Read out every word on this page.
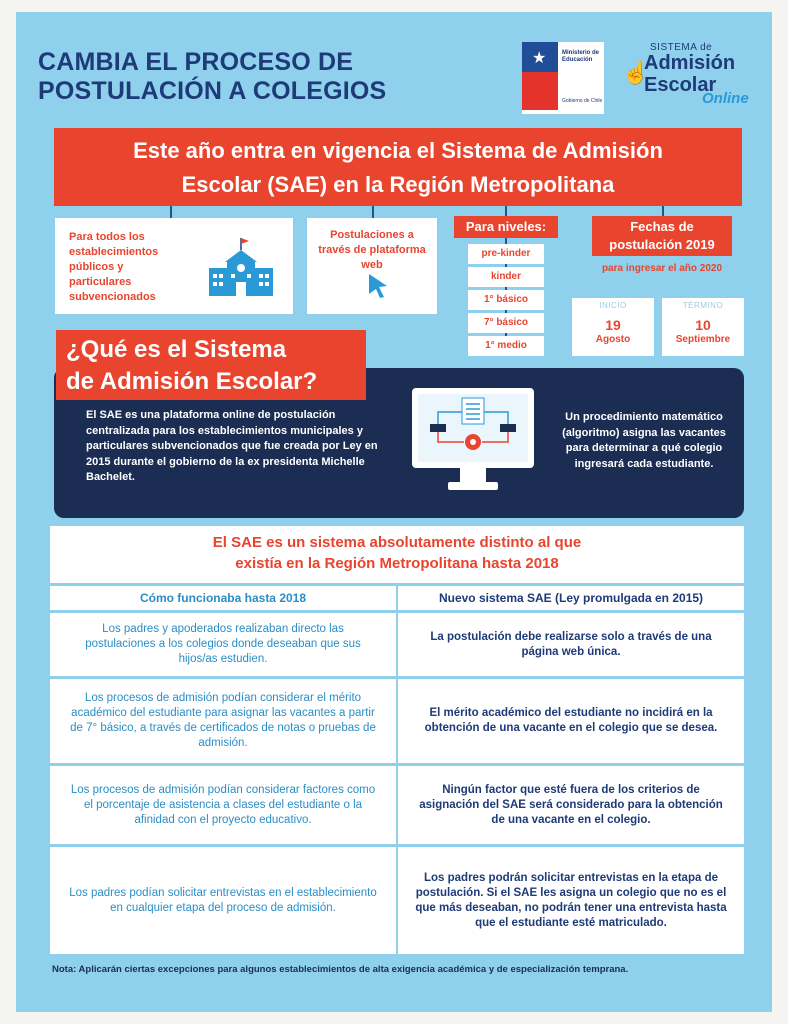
CAMBIA EL PROCESO DE
POSTULACIÓN A COLEGIOS
★	Ministerio de Educación
Gobierno de Chile
☝
SISTEMA de
Admisión
Escolar
Online
Este año entra en vigencia el Sistema de Admisión
Escolar (SAE) en la Región Metropolitana
Para todos los establecimientos públicos y particulares subvencionados
Postulaciones a través de plataforma web
Para niveles:
pre-kinder
kinder
1° básico
7° básico
1° medio
Fechas de postulación 2019
para ingresar el año 2020
INICIO
19
Agosto
TÉRMINO
10
Septiembre
¿Qué es el Sistema
de Admisión Escolar?
El SAE es una plataforma online de postulación centralizada para los establecimientos municipales y particulares subvencionados que fue creada por Ley en 2015 durante el gobierno de la ex presidenta Michelle Bachelet.
Un procedimiento matemático (algoritmo) asigna las vacantes para determinar a qué colegio ingresará cada estudiante.
El SAE es un sistema absolutamente distinto al que
existía en la Región Metropolitana hasta 2018
Cómo funcionaba hasta 2018	Nuevo sistema SAE (Ley promulgada en 2015)
Los padres y apoderados realizaban directo las postulaciones a los colegios donde deseaban que sus hijos/as estudien.
La postulación debe realizarse solo a través de una página web única.
Los procesos de admisión podían considerar el mérito académico del estudiante para asignar las vacantes a partir de 7° básico, a través de certificados de notas o pruebas de admisión.
El mérito académico del estudiante no incidirá en la obtención de una vacante en el colegio que se desea.
Los procesos de admisión podían considerar factores como el porcentaje de asistencia a clases del estudiante o la afinidad con el proyecto educativo.
Ningún factor que esté fuera de los criterios de asignación del SAE será considerado para la obtención de una vacante en el colegio.
Los padres podían solicitar entrevistas en el establecimiento en cualquier etapa del proceso de admisión.
Los padres podrán solicitar entrevistas en la etapa de postulación. Si el SAE les asigna un colegio que no es el que más deseaban, no podrán tener una entrevista hasta que el estudiante esté matriculado.
Nota: Aplicarán ciertas excepciones para algunos establecimientos de alta exigencia académica y de especialización temprana.
